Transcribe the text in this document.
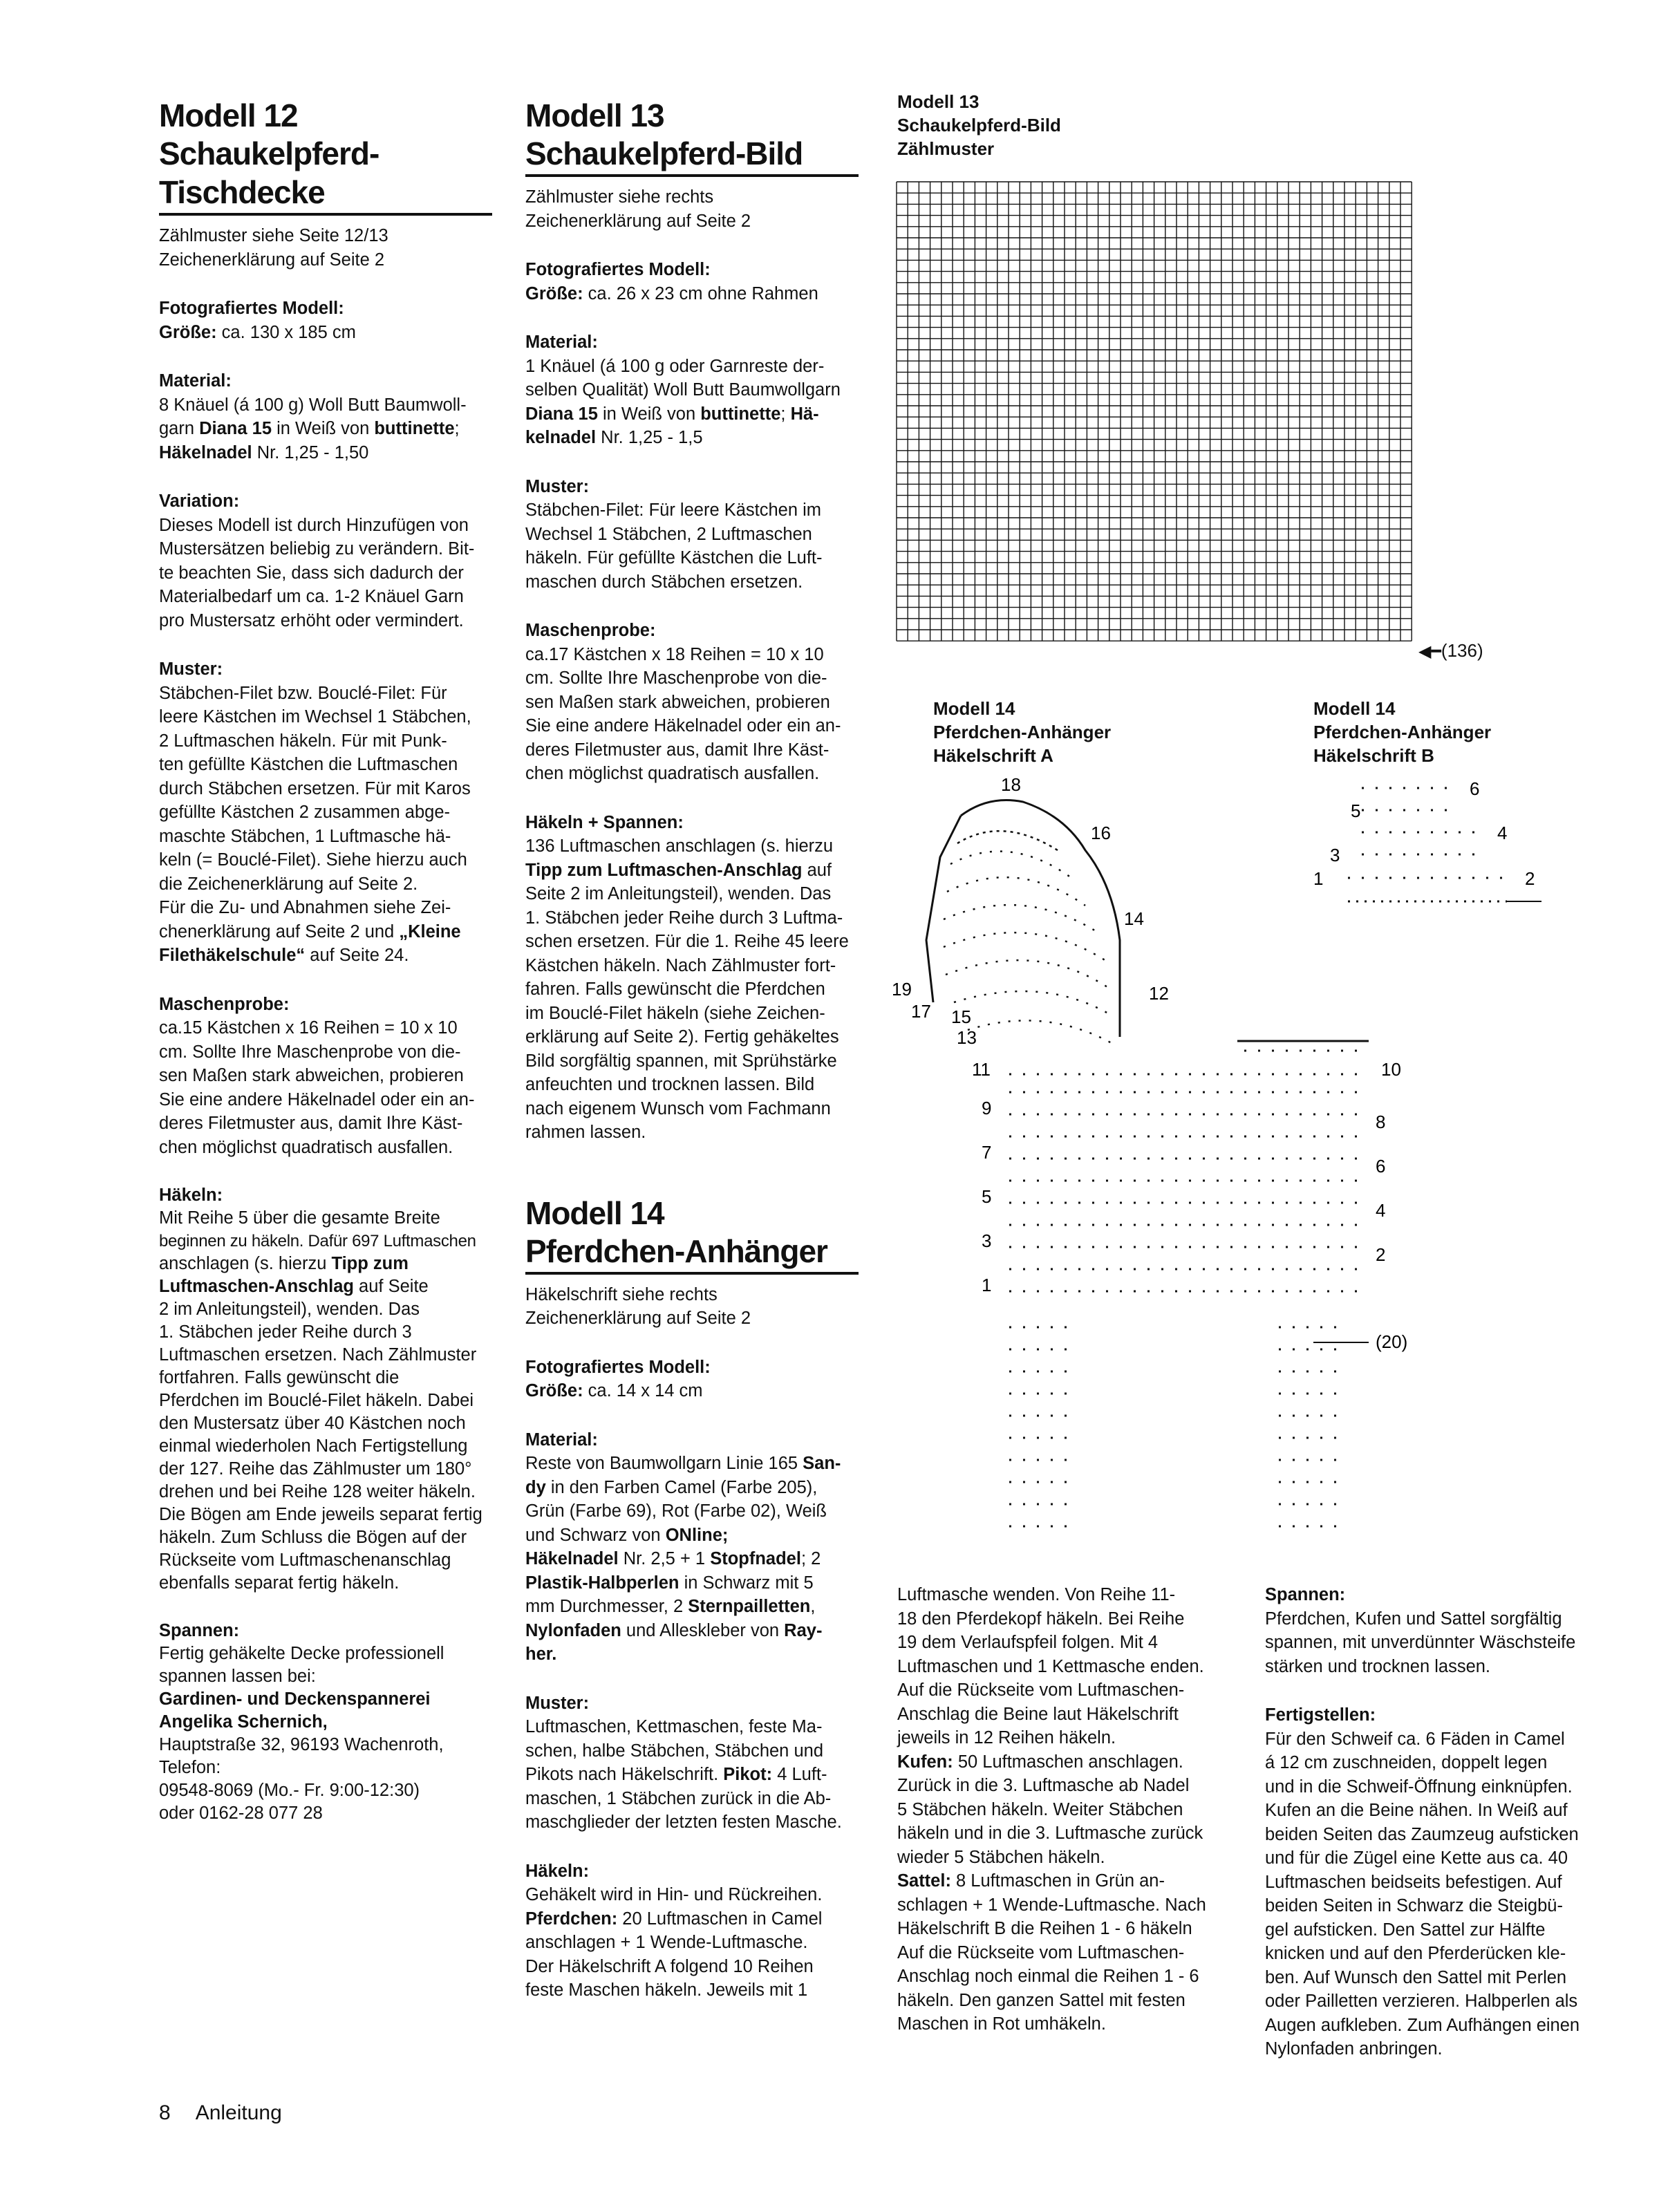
Modell 12
Schaukelpferd-
Tischdecke

Zählmuster siehe Seite 12/13

Zeichenerklärung auf Seite 2

Fotografiertes Modell:

Größe: ca. 130 x 185 cm

Material:

8 Knäuel (á 100 g) Woll Butt Baumwoll-

garn Diana 15 in Weiß von buttinette;

Häkelnadel Nr. 1,25 - 1,50

Variation:

Dieses Modell ist durch Hinzufügen von

Mustersätzen beliebig zu verändern. Bit-

te beachten Sie, dass sich dadurch der

Materialbedarf um ca. 1-2 Knäuel Garn

pro Mustersatz erhöht oder vermindert.

Muster:

Stäbchen-Filet bzw. Bouclé-Filet: Für

leere Kästchen im Wechsel 1 Stäbchen,

2 Luftmaschen häkeln. Für mit Punk-

ten gefüllte Kästchen die Luftmaschen

durch Stäbchen ersetzen. Für mit Karos

gefüllte Kästchen 2 zusammen abge-

maschte Stäbchen, 1 Luftmasche hä-

keln (= Bouclé-Filet). Siehe hierzu auch

die Zeichenerklärung auf Seite 2.

Für die Zu- und Abnahmen siehe Zei-

chenerklärung auf Seite 2 und „Kleine

Filethäkelschule“ auf Seite 24.

Maschenprobe:

ca.15 Kästchen x 16 Reihen = 10 x 10

cm. Sollte Ihre Maschenprobe von die-

sen Maßen stark abweichen, probieren

Sie eine andere Häkelnadel oder ein an-

deres Filetmuster aus, damit Ihre Käst-

chen möglichst quadratisch ausfallen.

Häkeln:

Mit Reihe 5 über die gesamte Breite

beginnen zu häkeln. Dafür 697 Luftmaschen

anschlagen (s. hierzu Tipp zum

Luftmaschen-Anschlag auf Seite

2 im Anleitungsteil), wenden. Das

1. Stäbchen jeder Reihe durch 3

Luftmaschen ersetzen. Nach Zählmuster

fortfahren. Falls gewünscht die

Pferdchen im Bouclé-Filet häkeln. Dabei

den Mustersatz über 40 Kästchen noch

einmal wiederholen Nach Fertigstellung

der 127. Reihe das Zählmuster um 180°

drehen und bei Reihe 128 weiter häkeln.

Die Bögen am Ende jeweils separat fertig

häkeln. Zum Schluss die Bögen auf der

Rückseite vom Luftmaschenanschlag

ebenfalls separat fertig häkeln.

Spannen:

Fertig gehäkelte Decke professionell

spannen lassen bei:

Gardinen- und Deckenspannerei

Angelika Schernich,

Hauptstraße 32, 96193 Wachenroth,

Telefon:

09548-8069 (Mo.- Fr. 9:00-12:30)

oder 0162-28 077 28

Modell 13
Schaukelpferd-Bild

Zählmuster siehe rechts

Zeichenerklärung auf Seite 2

Fotografiertes Modell:

Größe: ca. 26 x 23 cm ohne Rahmen

Material:

1 Knäuel (á 100 g oder Garnreste der-

selben Qualität) Woll Butt Baumwollgarn

Diana 15 in Weiß von buttinette; Hä-

kelnadel Nr. 1,25 - 1,5

Muster:

Stäbchen-Filet: Für leere Kästchen im

Wechsel 1 Stäbchen, 2 Luftmaschen

häkeln. Für gefüllte Kästchen die Luft-

maschen durch Stäbchen ersetzen.

Maschenprobe:

ca.17 Kästchen x 18 Reihen = 10 x 10

cm. Sollte Ihre Maschenprobe von die-

sen Maßen stark abweichen, probieren

Sie eine andere Häkelnadel oder ein an-

deres Filetmuster aus, damit Ihre Käst-

chen möglichst quadratisch ausfallen.

Häkeln + Spannen:

136 Luftmaschen anschlagen (s. hierzu

Tipp zum Luftmaschen-Anschlag auf

Seite 2 im Anleitungsteil), wenden. Das

1. Stäbchen jeder Reihe durch 3 Luftma-

schen ersetzen. Für die 1. Reihe 45 leere

Kästchen häkeln. Nach Zählmuster fort-

fahren. Falls gewünscht die Pferdchen

im Bouclé-Filet häkeln (siehe Zeichen-

erklärung auf Seite 2). Fertig gehäkeltes

Bild sorgfältig spannen, mit Sprühstärke

anfeuchten und trocknen lassen. Bild

nach eigenem Wunsch vom Fachmann

rahmen lassen.

Modell 14
Pferdchen-Anhänger

Häkelschrift siehe rechts

Zeichenerklärung auf Seite 2

Fotografiertes Modell:

Größe: ca. 14 x 14 cm

Material:

Reste von Baumwollgarn Linie 165 San-

dy in den Farben Camel (Farbe 205),

Grün (Farbe 69), Rot (Farbe 02), Weiß

und Schwarz von ONline;

Häkelnadel Nr. 2,5 + 1 Stopfnadel; 2

Plastik-Halbperlen in Schwarz mit 5

mm Durchmesser, 2 Sternpailletten,

Nylonfaden und Alleskleber von Ray-

her.

Muster:

Luftmaschen, Kettmaschen, feste Ma-

schen, halbe Stäbchen, Stäbchen und

Pikots nach Häkelschrift. Pikot: 4 Luft-

maschen, 1 Stäbchen zurück in die Ab-

maschglieder der letzten festen Masche.

Häkeln:

Gehäkelt wird in Hin- und Rückreihen.

Pferdchen: 20 Luftmaschen in Camel

anschlagen + 1 Wende-Luftmasche.

Der Häkelschrift A folgend 10 Reihen

feste Maschen häkeln. Jeweils mit 1

Luftmasche wenden. Von Reihe 11-

18 den Pferdekopf häkeln. Bei Reihe

19 dem Verlaufspfeil folgen. Mit 4

Luftmaschen und 1 Kettmasche enden.

Auf die Rückseite vom Luftmaschen-

Anschlag die Beine laut Häkelschrift

jeweils in 12 Reihen häkeln.

Kufen: 50 Luftmaschen anschlagen.

Zurück in die 3. Luftmasche ab Nadel

5 Stäbchen häkeln. Weiter Stäbchen

häkeln und in die 3. Luftmasche zurück

wieder 5 Stäbchen häkeln.

Sattel: 8 Luftmaschen in Grün an-

schlagen + 1 Wende-Luftmasche. Nach

Häkelschrift B die Reihen 1 - 6 häkeln

Auf die Rückseite vom Luftmaschen-

Anschlag noch einmal die Reihen 1 - 6

häkeln. Den ganzen Sattel mit festen

Maschen in Rot umhäkeln.

Spannen:

Pferdchen, Kufen und Sattel sorgfältig

spannen, mit unverdünnter Wäschsteife

stärken und trocknen lassen.

Fertigstellen:

Für den Schweif ca. 6 Fäden in Camel

á 12 cm zuschneiden, doppelt legen

und in die Schweif-Öffnung einknüpfen.

Kufen an die Beine nähen. In Weiß auf

beiden Seiten das Zaumzeug aufsticken

und für die Zügel eine Kette aus ca. 40

Luftmaschen beidseits befestigen. Auf

beiden Seiten in Schwarz die Steigbü-

gel aufsticken. Den Sattel zur Hälfte

knicken und auf den Pferderücken kle-

ben. Auf Wunsch den Sattel mit Perlen

oder Pailletten verzieren. Halbperlen als

Augen aufkleben. Zum Aufhängen einen

Nylonfaden anbringen.

Modell 13
Schaukelpferd-Bild
Zählmuster
◀━(136)
Modell 14
Pferdchen-Anhänger
Häkelschrift A
18
16
14
12
19
17 15
13
11	10
9
8
7
6
5
4
3
2
1
(20)
Modell 14
Pferdchen-Anhänger
Häkelschrift B
6
5
4
3
2
1
8 Anleitung
